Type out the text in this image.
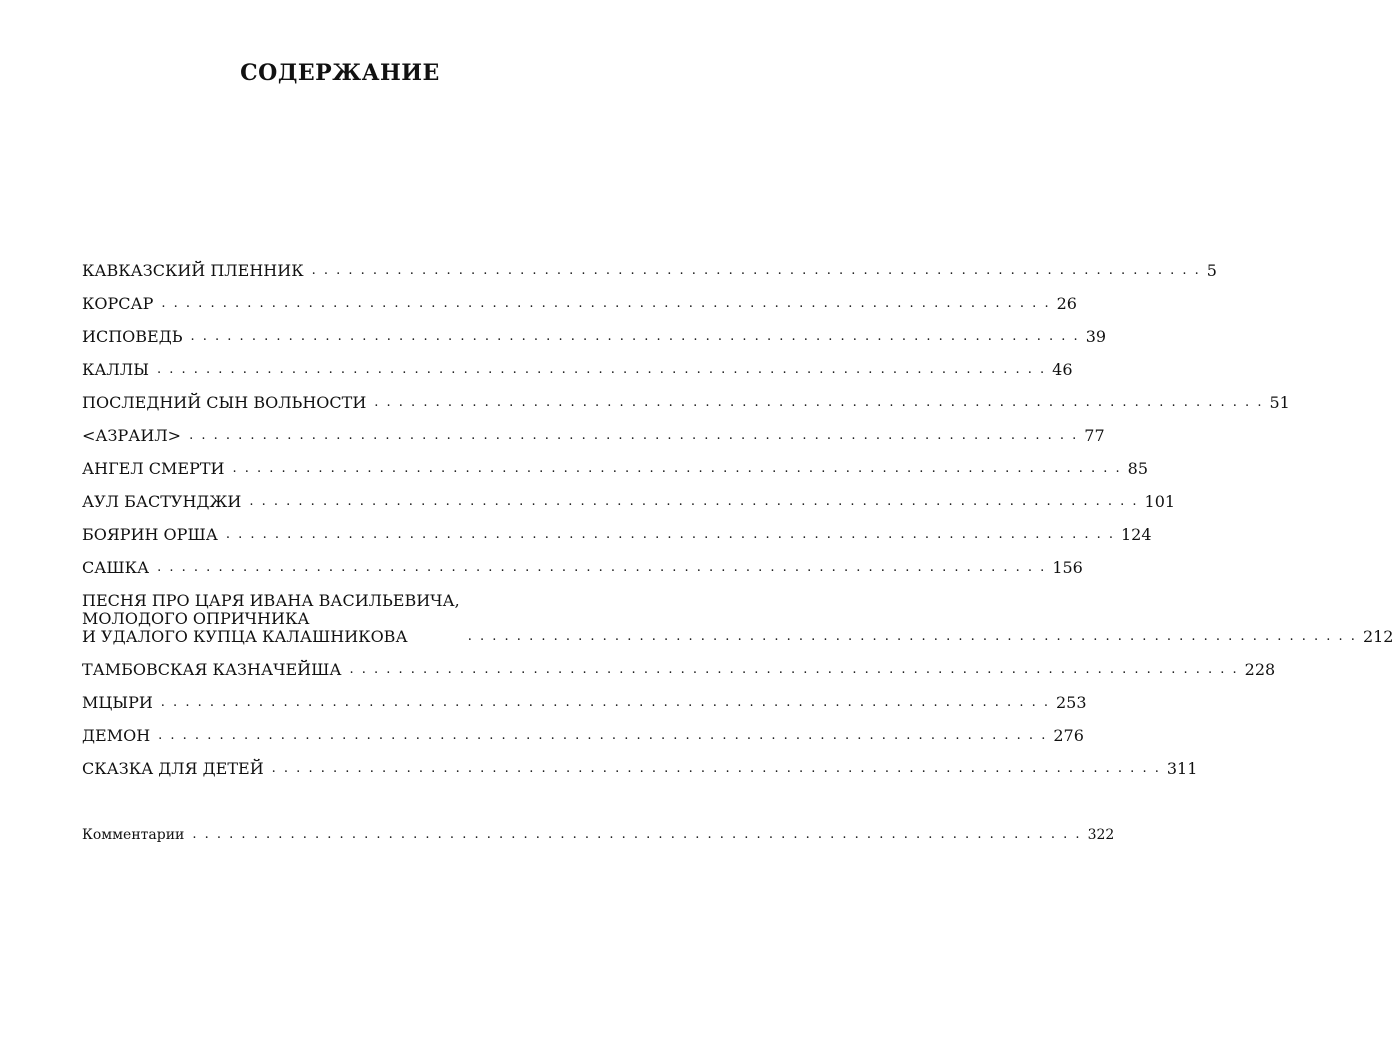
СОДЕРЖАНИЕ
КАВКАЗСКИЙ ПЛЕННИК . . . . . . . . . . . . . . . . . . . . . . . . . . . . . . . . . . . . . . . . . . . . . . . . . . . . . . . . . . . . . . . . . . . . . . . . . 5
КОРСАР . . . . . . . . . . . . . . . . . . . . . . . . . . . . . . . . . . . . . . . . . . . . . . . . . . . . . . . . . . . . . . . . . . . . . . . . . 26
ИСПОВЕДЬ . . . . . . . . . . . . . . . . . . . . . . . . . . . . . . . . . . . . . . . . . . . . . . . . . . . . . . . . . . . . . . . . . . . . . . . . . 39
КАЛЛЫ . . . . . . . . . . . . . . . . . . . . . . . . . . . . . . . . . . . . . . . . . . . . . . . . . . . . . . . . . . . . . . . . . . . . . . . . . 46
ПОСЛЕДНИЙ СЫН ВОЛЬНОСТИ . . . . . . . . . . . . . . . . . . . . . . . . . . . . . . . . . . . . . . . . . . . . . . . . . . . . . . . . . . . . . . . . . . . . . . . . . 51
<АЗРАИЛ> . . . . . . . . . . . . . . . . . . . . . . . . . . . . . . . . . . . . . . . . . . . . . . . . . . . . . . . . . . . . . . . . . . . . . . . . . 77
АНГЕЛ СМЕРТИ . . . . . . . . . . . . . . . . . . . . . . . . . . . . . . . . . . . . . . . . . . . . . . . . . . . . . . . . . . . . . . . . . . . . . . . . . 85
АУЛ БАСТУНДЖИ . . . . . . . . . . . . . . . . . . . . . . . . . . . . . . . . . . . . . . . . . . . . . . . . . . . . . . . . . . . . . . . . . . . . . . . . . 101
БОЯРИН ОРША . . . . . . . . . . . . . . . . . . . . . . . . . . . . . . . . . . . . . . . . . . . . . . . . . . . . . . . . . . . . . . . . . . . . . . . . . 124
САШКА . . . . . . . . . . . . . . . . . . . . . . . . . . . . . . . . . . . . . . . . . . . . . . . . . . . . . . . . . . . . . . . . . . . . . . . . . 156
ПЕСНЯ ПРО ЦАРЯ ИВАНА ВАСИЛЬЕВИЧА,
МОЛОДОГО ОПРИЧНИКА
И УДАЛОГО КУПЦА КАЛАШНИКОВА	. . . . . . . . . . . . . . . . . . . . . . . . . . . . . . . . . . . . . . . . . . . . . . . . . . . . . . . . . . . . . . . . . . . . . . . . . 212
ТАМБОВСКАЯ КАЗНАЧЕЙША . . . . . . . . . . . . . . . . . . . . . . . . . . . . . . . . . . . . . . . . . . . . . . . . . . . . . . . . . . . . . . . . . . . . . . . . . 228
МЦЫРИ . . . . . . . . . . . . . . . . . . . . . . . . . . . . . . . . . . . . . . . . . . . . . . . . . . . . . . . . . . . . . . . . . . . . . . . . . 253
ДЕМОН . . . . . . . . . . . . . . . . . . . . . . . . . . . . . . . . . . . . . . . . . . . . . . . . . . . . . . . . . . . . . . . . . . . . . . . . . 276
СКАЗКА ДЛЯ ДЕТЕЙ . . . . . . . . . . . . . . . . . . . . . . . . . . . . . . . . . . . . . . . . . . . . . . . . . . . . . . . . . . . . . . . . . . . . . . . . . 311
Комментарии . . . . . . . . . . . . . . . . . . . . . . . . . . . . . . . . . . . . . . . . . . . . . . . . . . . . . . . . . . . . . . . . . . . . . . . . . 322
